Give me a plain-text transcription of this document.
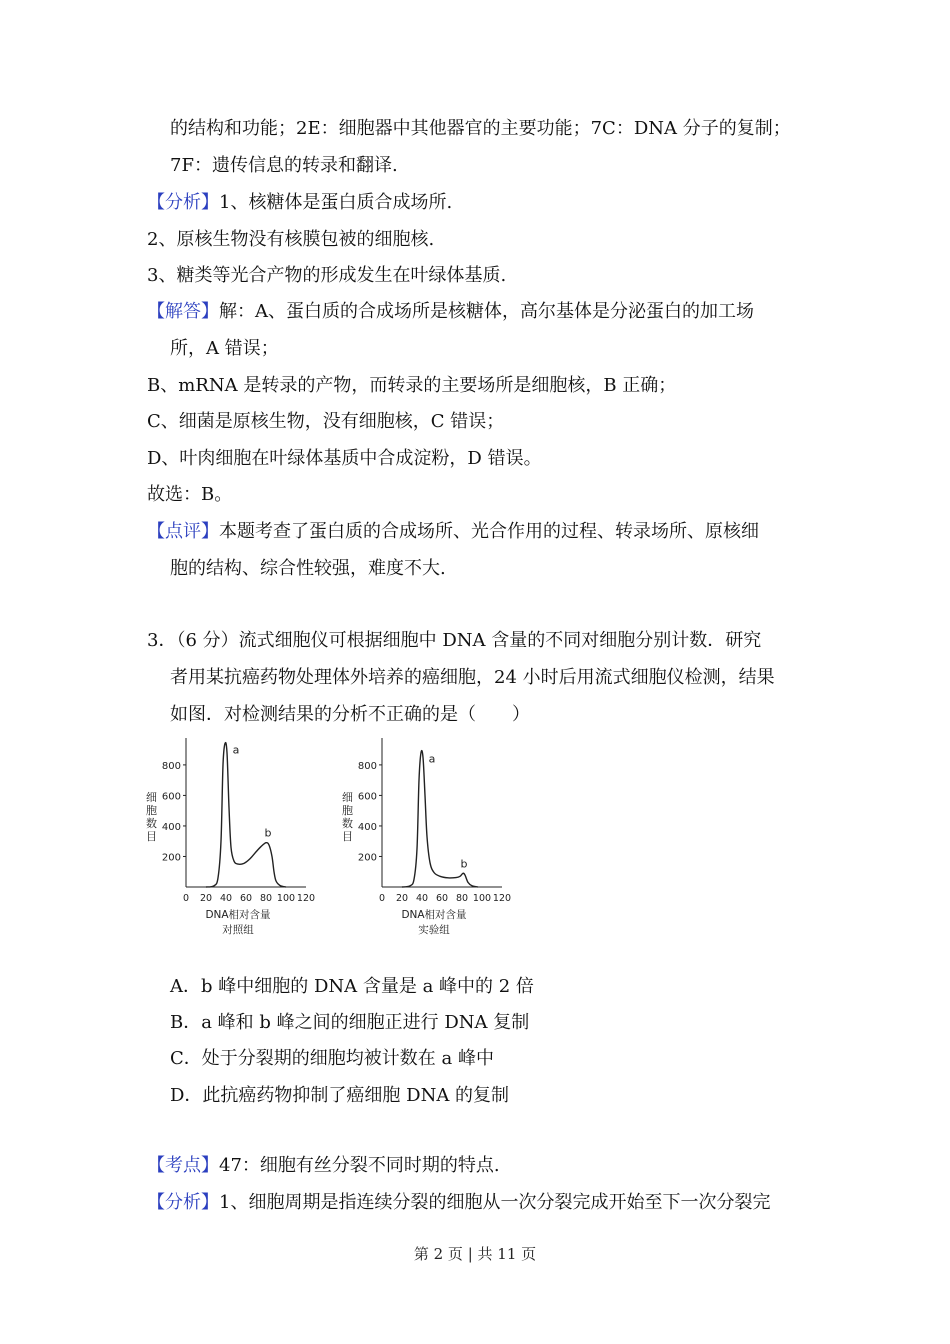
的结构和功能；2E：细胞器中其他器官的主要功能；7C：DNA 分子的复制；
7F：遗传信息的转录和翻译.
【分析】1、核糖体是蛋白质合成场所.
2、原核生物没有核膜包被的细胞核.
3、糖类等光合产物的形成发生在叶绿体基质.
【解答】解：A、蛋白质的合成场所是核糖体，高尔基体是分泌蛋白的加工场
所，A 错误；
B、mRNA 是转录的产物，而转录的主要场所是细胞核，B 正确；
C、细菌是原核生物，没有细胞核，C 错误；
D、叶肉细胞在叶绿体基质中合成淀粉，D 错误。
故选：B。
【点评】本题考查了蛋白质的合成场所、光合作用的过程、转录场所、原核细
胞的结构、综合性较强，难度不大.
3．（6 分）流式细胞仪可根据细胞中 DNA 含量的不同对细胞分别计数．研究
者用某抗癌药物处理体外培养的癌细胞，24 小时后用流式细胞仪检测，结果
如图．对检测结果的分析不正确的是（　　）
200
400
600
800
0 20 40 60 80 100 120
细胞数目
DNA相对含量
对照组
a
b
200
400
600
800
0 20 40 60 80 100 120
细胞数目
DNA相对含量
实验组
a
b
A．b 峰中细胞的 DNA 含量是 a 峰中的 2 倍
B．a 峰和 b 峰之间的细胞正进行 DNA 复制
C．处于分裂期的细胞均被计数在 a 峰中
D．此抗癌药物抑制了癌细胞 DNA 的复制
【考点】47：细胞有丝分裂不同时期的特点.
【分析】1、细胞周期是指连续分裂的细胞从一次分裂完成开始至下一次分裂完
第 2 页 | 共 11 页
